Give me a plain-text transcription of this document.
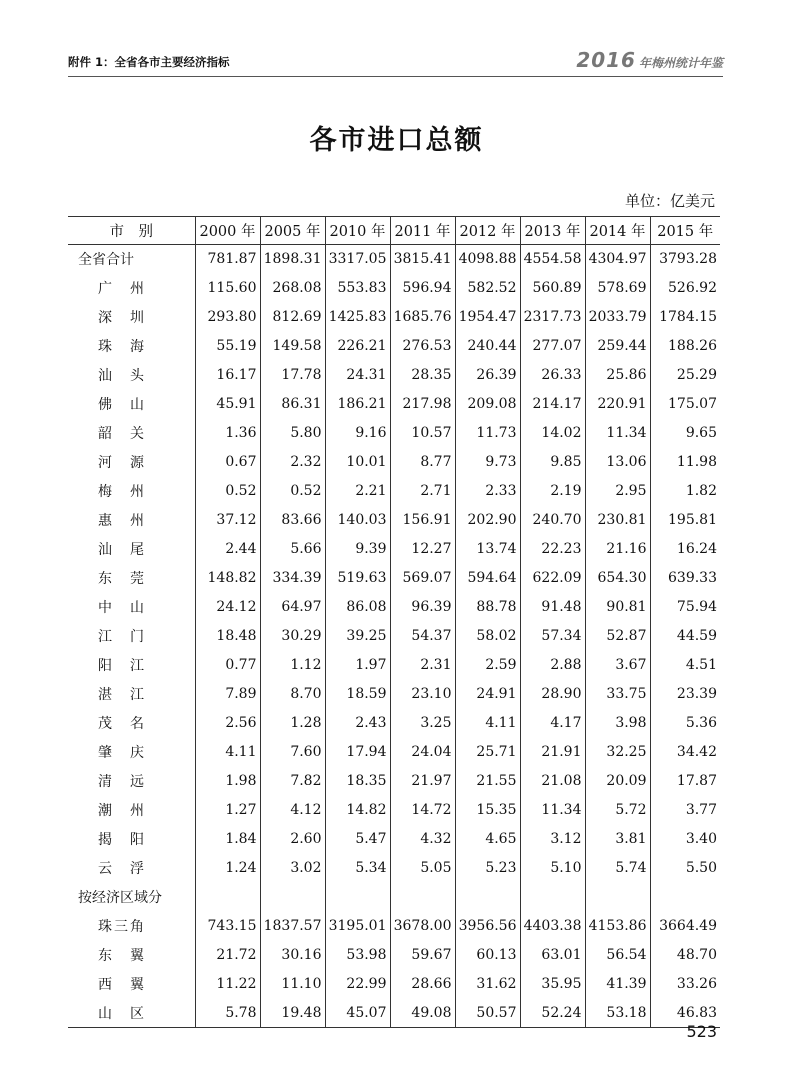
附件 1：全省各市主要经济指标	2016 年梅州统计年鉴
各市进口总额
单位：亿美元
市　别	2000 年	2005 年	2010 年	2011 年	2012 年	2013 年	2014 年	2015 年
全省合计	781.87	1898.31	3317.05	3815.41	4098.88	4554.58	4304.97	3793.28
广　州	115.60	268.08	553.83	596.94	582.52	560.89	578.69	526.92
深　圳	293.80	812.69	1425.83	1685.76	1954.47	2317.73	2033.79	1784.15
珠　海	55.19	149.58	226.21	276.53	240.44	277.07	259.44	188.26
汕　头	16.17	17.78	24.31	28.35	26.39	26.33	25.86	25.29
佛　山	45.91	86.31	186.21	217.98	209.08	214.17	220.91	175.07
韶　关	1.36	5.80	9.16	10.57	11.73	14.02	11.34	9.65
河　源	0.67	2.32	10.01	8.77	9.73	9.85	13.06	11.98
梅　州	0.52	0.52	2.21	2.71	2.33	2.19	2.95	1.82
惠　州	37.12	83.66	140.03	156.91	202.90	240.70	230.81	195.81
汕　尾	2.44	5.66	9.39	12.27	13.74	22.23	21.16	16.24
东　莞	148.82	334.39	519.63	569.07	594.64	622.09	654.30	639.33
中　山	24.12	64.97	86.08	96.39	88.78	91.48	90.81	75.94
江　门	18.48	30.29	39.25	54.37	58.02	57.34	52.87	44.59
阳　江	0.77	1.12	1.97	2.31	2.59	2.88	3.67	4.51
湛　江	7.89	8.70	18.59	23.10	24.91	28.90	33.75	23.39
茂　名	2.56	1.28	2.43	3.25	4.11	4.17	3.98	5.36
肇　庆	4.11	7.60	17.94	24.04	25.71	21.91	32.25	34.42
清　远	1.98	7.82	18.35	21.97	21.55	21.08	20.09	17.87
潮　州	1.27	4.12	14.82	14.72	15.35	11.34	5.72	3.77
揭　阳	1.84	2.60	5.47	4.32	4.65	3.12	3.81	3.40
云　浮	1.24	3.02	5.34	5.05	5.23	5.10	5.74	5.50
按经济区域分								
珠三角	743.15	1837.57	3195.01	3678.00	3956.56	4403.38	4153.86	3664.49
东　翼	21.72	30.16	53.98	59.67	60.13	63.01	56.54	48.70
西　翼	11.22	11.10	22.99	28.66	31.62	35.95	41.39	33.26
山　区	5.78	19.48	45.07	49.08	50.57	52.24	53.18	46.83
523
